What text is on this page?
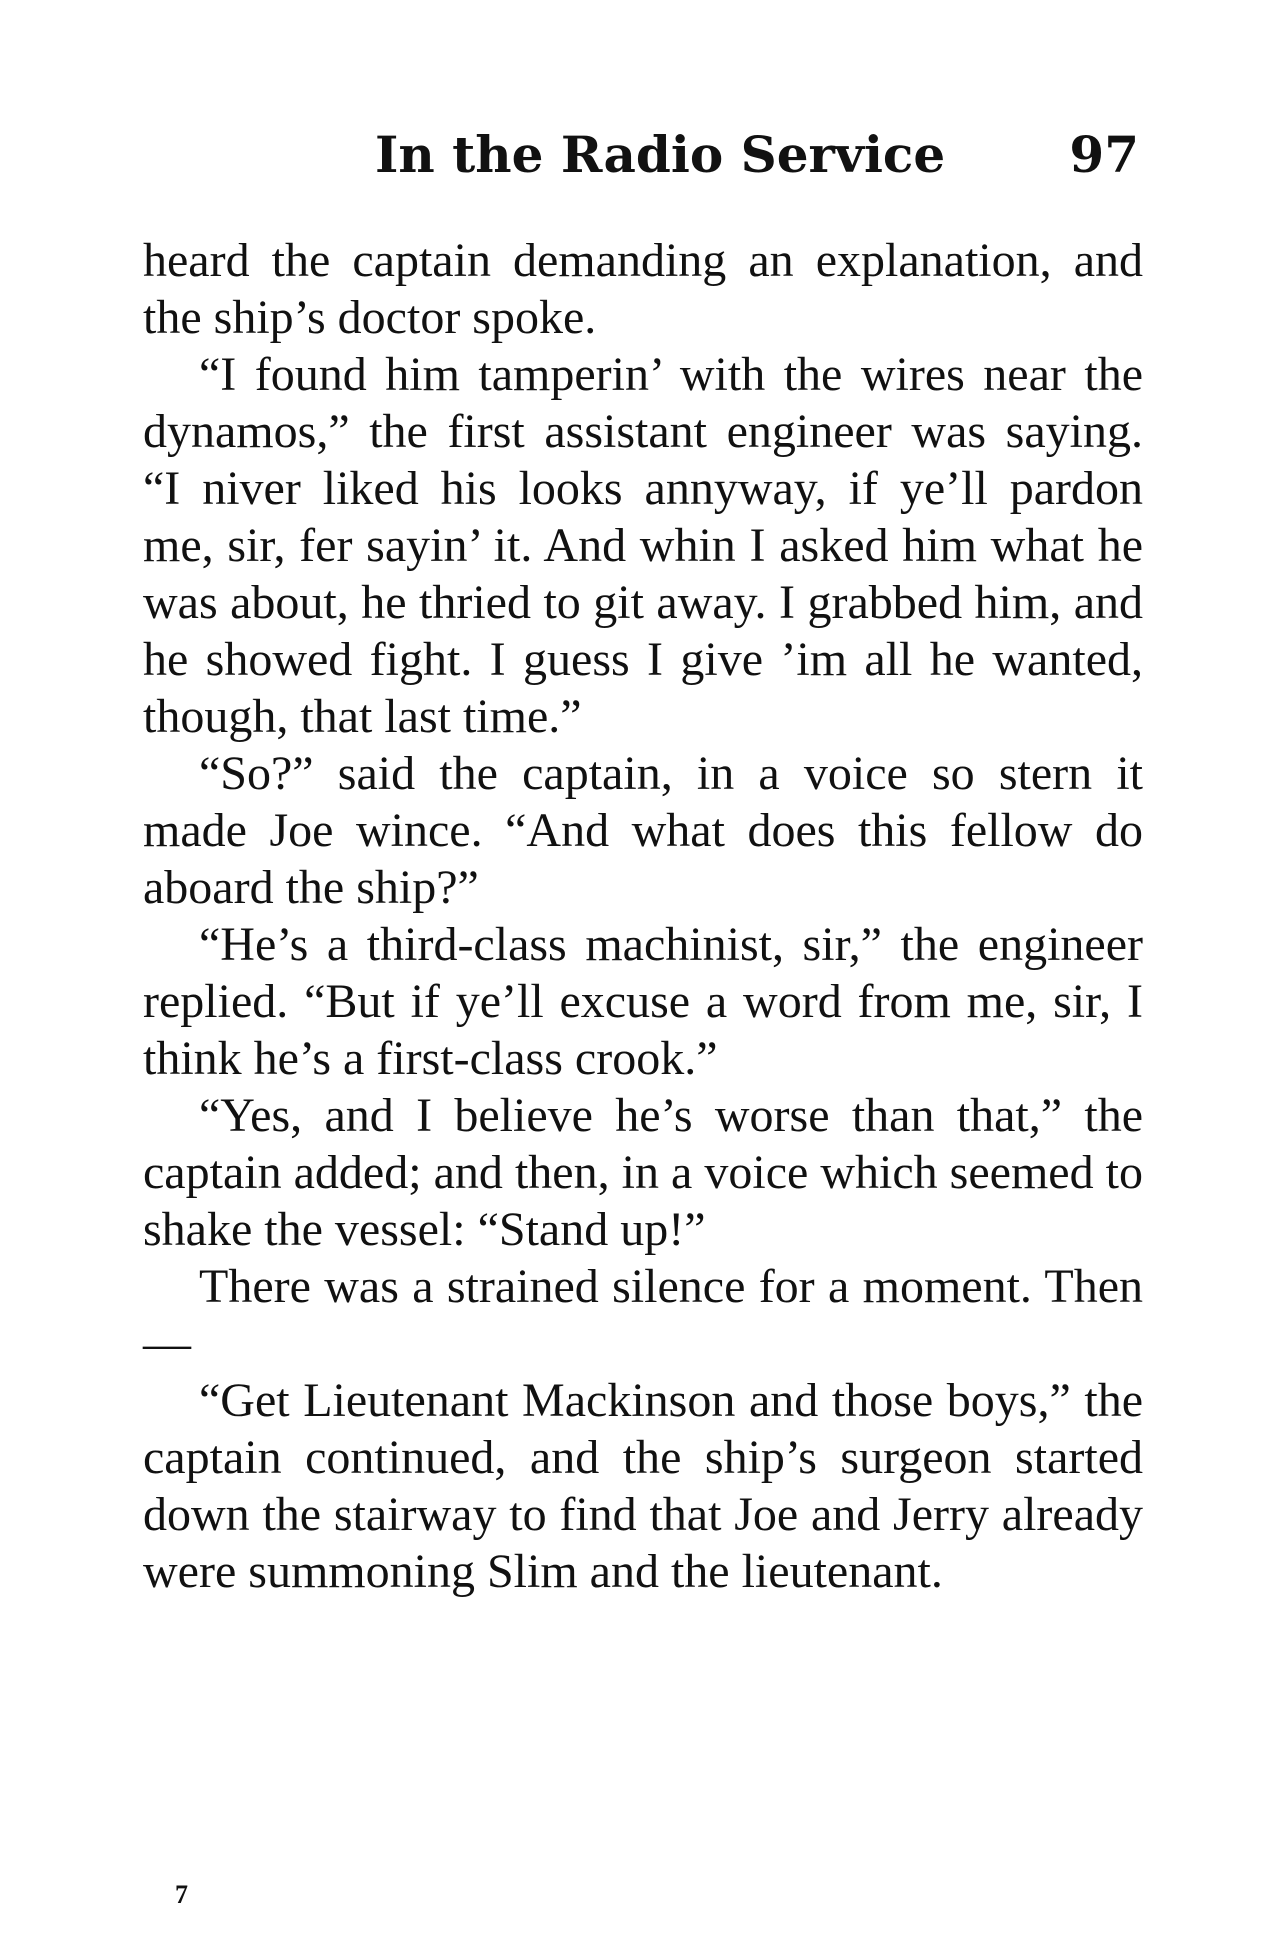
In the Radio Service 97

heard the captain demanding an explanation, and the ship’s doctor spoke.

“I found him tamperin’ with the wires near the dynamos,” the first assistant engineer was saying. “I niver liked his looks annyway, if ye’ll pardon me, sir, fer sayin’ it. And whin I asked him what he was about, he thried to git away. I grabbed him, and he showed fight. I guess I give ’im all he wanted, though, that last time.”

“So?” said the captain, in a voice so stern it made Joe wince. “And what does this fellow do aboard the ship?”

“He’s a third-class machinist, sir,” the engineer replied. “But if ye’ll excuse a word from me, sir, I think he’s a first-class crook.”

“Yes, and I believe he’s worse than that,” the captain added; and then, in a voice which seemed to shake the vessel: “Stand up!”

There was a strained silence for a moment. Then—

“Get Lieutenant Mackinson and those boys,” the captain continued, and the ship’s surgeon started down the stairway to find that Joe and Jerry already were summoning Slim and the lieutenant.

7
